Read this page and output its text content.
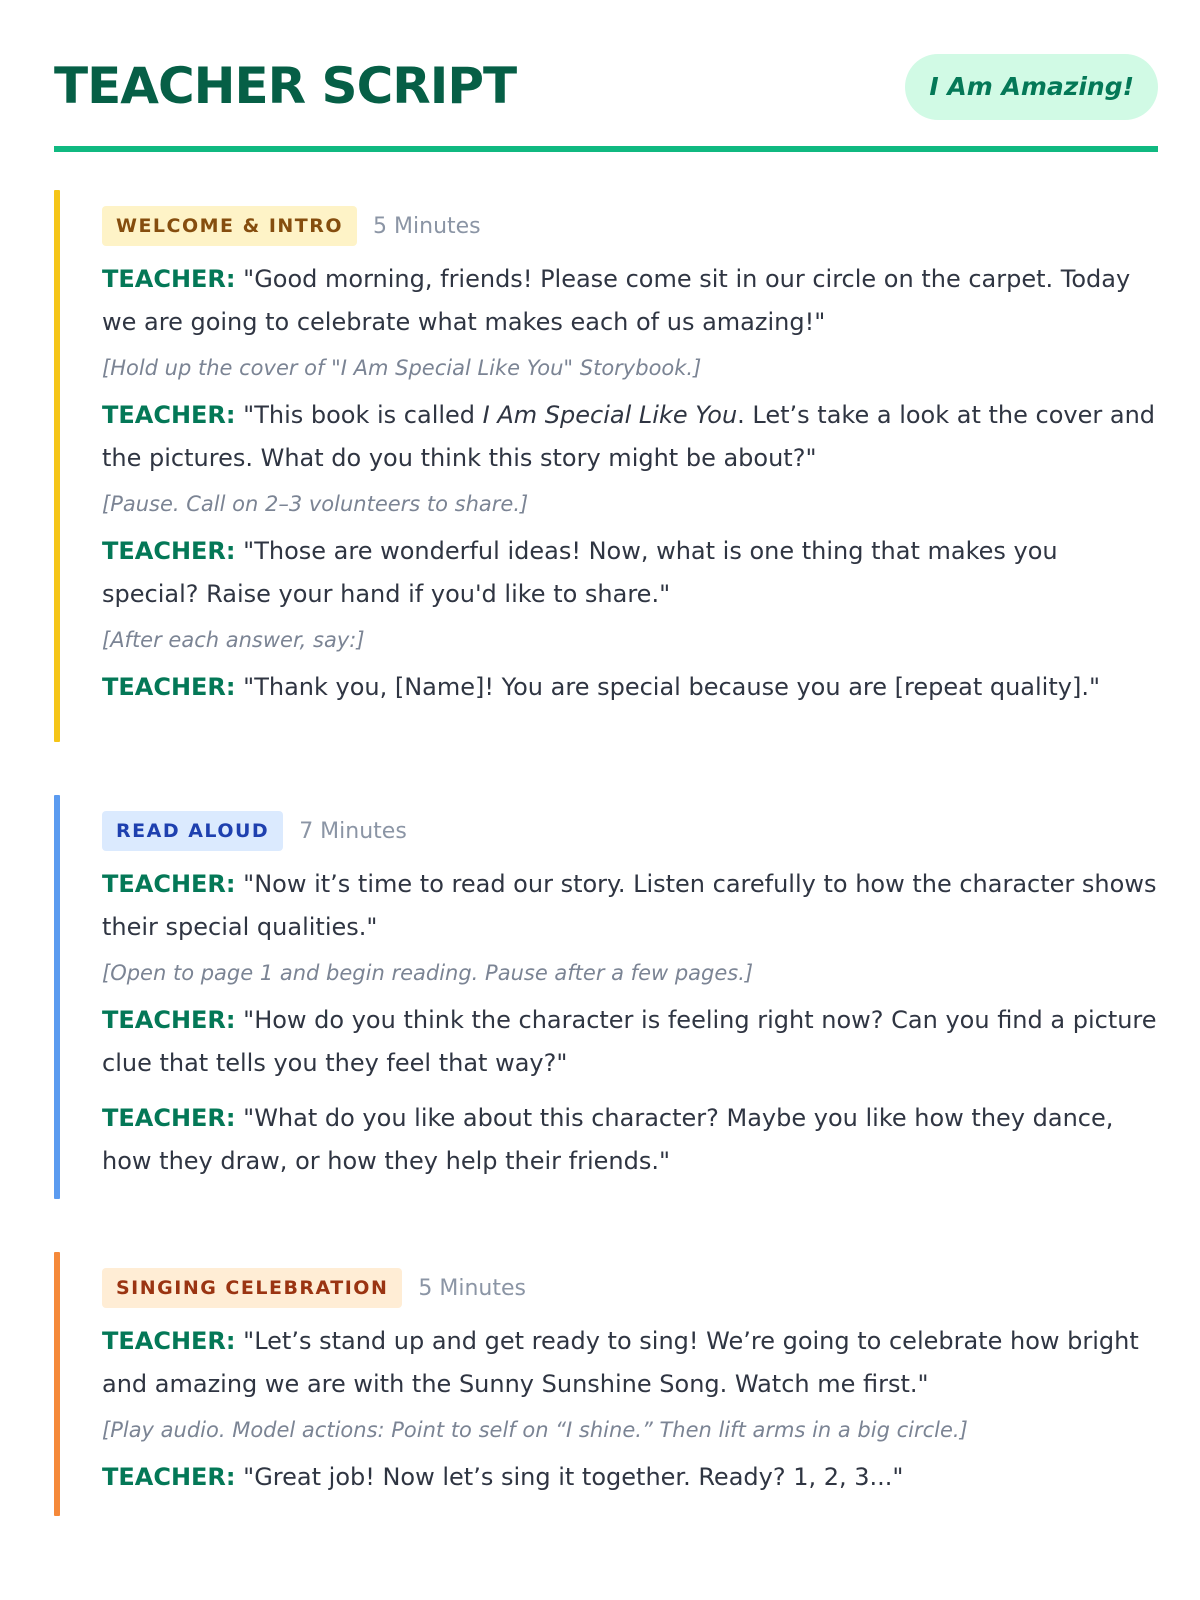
TEACHER SCRIPT	I Am Amazing!
WELCOME & INTRO	5 Minutes

TEACHER: "Good morning, friends! Please come sit in our circle on the carpet. Today we are going to celebrate what makes each of us amazing!"

[Hold up the cover of "I Am Special Like You" Storybook.]

TEACHER: "This book is called I Am Special Like You. Let’s take a look at the cover and the pictures. What do you think this story might be about?"

[Pause. Call on 2–3 volunteers to share.]

TEACHER: "Those are wonderful ideas! Now, what is one thing that makes you special? Raise your hand if you'd like to share."

[After each answer, say:]

TEACHER: "Thank you, [Name]! You are special because you are [repeat quality]."

READ ALOUD	7 Minutes

TEACHER: "Now it’s time to read our story. Listen carefully to how the character shows their special qualities."

[Open to page 1 and begin reading. Pause after a few pages.]

TEACHER: "How do you think the character is feeling right now? Can you find a picture clue that tells you they feel that way?"

TEACHER: "What do you like about this character? Maybe you like how they dance, how they draw, or how they help their friends."

SINGING CELEBRATION	5 Minutes

TEACHER: "Let’s stand up and get ready to sing! We’re going to celebrate how bright and amazing we are with the Sunny Sunshine Song. Watch me first."

[Play audio. Model actions: Point to self on “I shine.” Then lift arms in a big circle.]

TEACHER: "Great job! Now let’s sing it together. Ready? 1, 2, 3..."
